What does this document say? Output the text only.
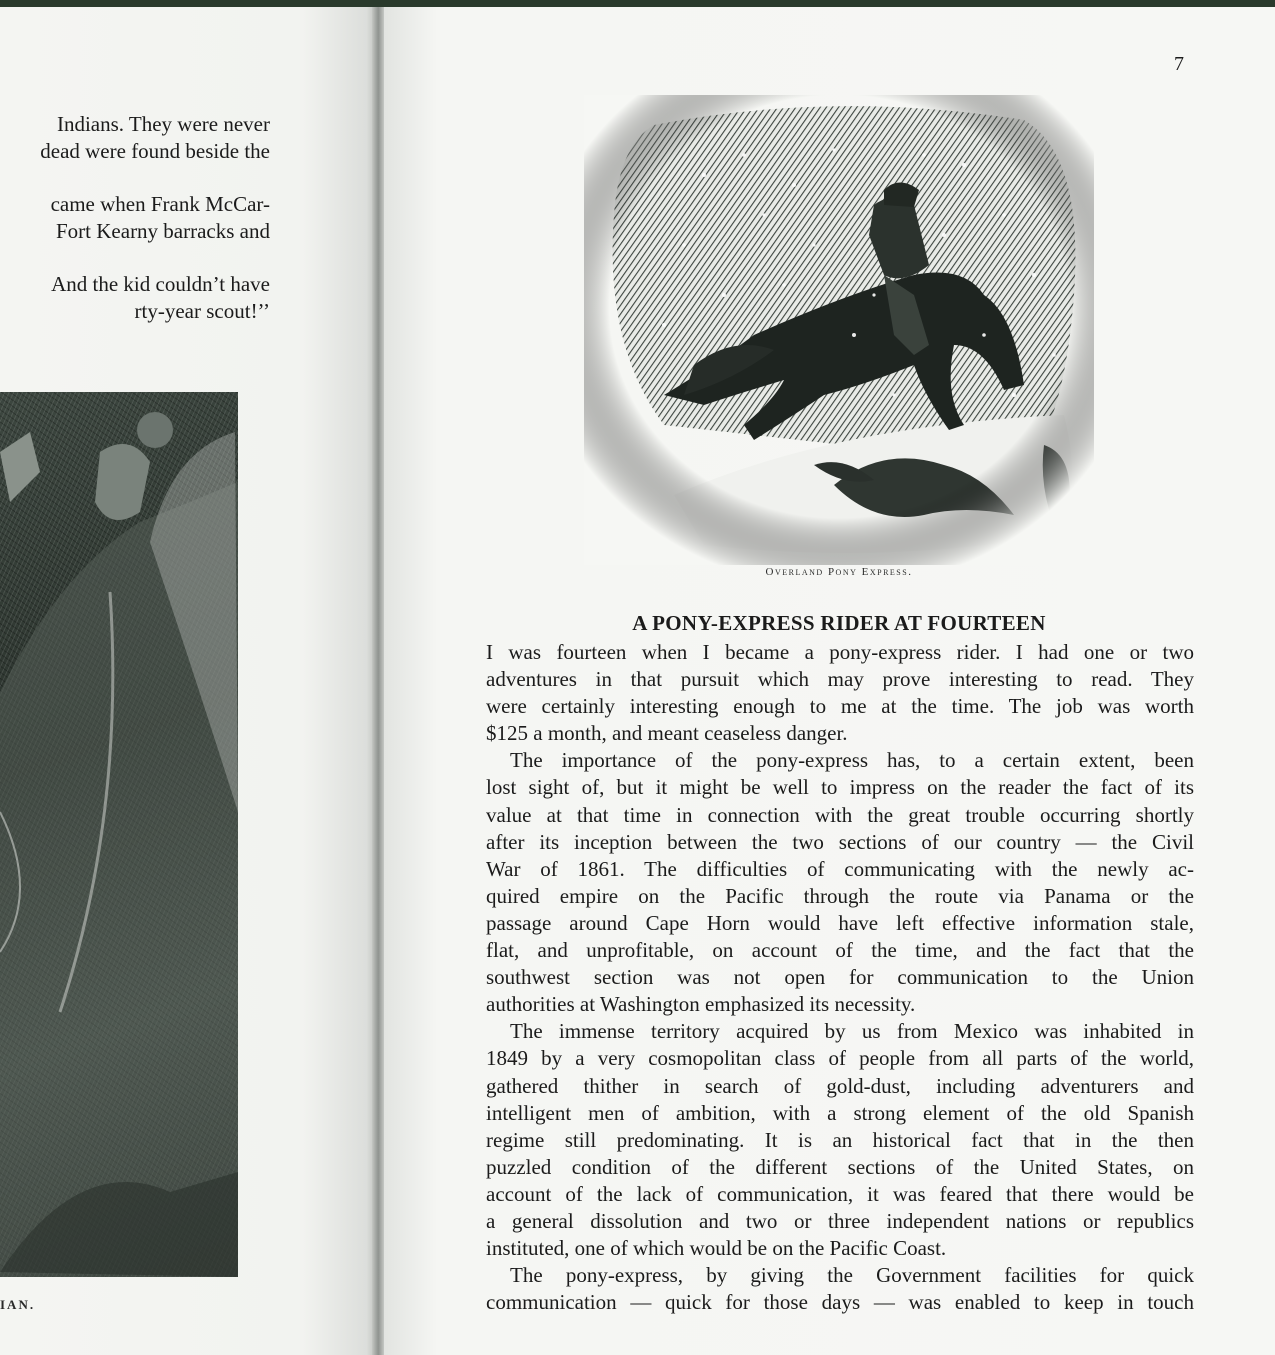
Indians. They were never
dead were found beside the
came when Frank McCar-
Fort Kearny barracks and
And the kid couldn’t have
rty-year scout!’’
IAN.
7
Overland Pony Express.
A PONY-EXPRESS RIDER AT FOURTEEN
I was fourteen when I became a pony-express rider. I had one or two
adventures in that pursuit which may prove interesting to read. They
were certainly interesting enough to me at the time. The job was worth
$125 a month, and meant ceaseless danger.
The importance of the pony-express has, to a certain extent, been
lost sight of, but it might be well to impress on the reader the fact of its
value at that time in connection with the great trouble occurring shortly
after its inception between the two sections of our country — the Civil
War of 1861. The difficulties of communicating with the newly ac-
quired empire on the Pacific through the route via Panama or the
passage around Cape Horn would have left effective information stale,
flat, and unprofitable, on account of the time, and the fact that the
southwest section was not open for communication to the Union
authorities at Washington emphasized its necessity.
The immense territory acquired by us from Mexico was inhabited in
1849 by a very cosmopolitan class of people from all parts of the world,
gathered thither in search of gold-dust, including adventurers and
intelligent men of ambition, with a strong element of the old Spanish
regime still predominating. It is an historical fact that in the then
puzzled condition of the different sections of the United States, on
account of the lack of communication, it was feared that there would be
a general dissolution and two or three independent nations or republics
instituted, one of which would be on the Pacific Coast.
The pony-express, by giving the Government facilities for quick
communication — quick for those days — was enabled to keep in touch
